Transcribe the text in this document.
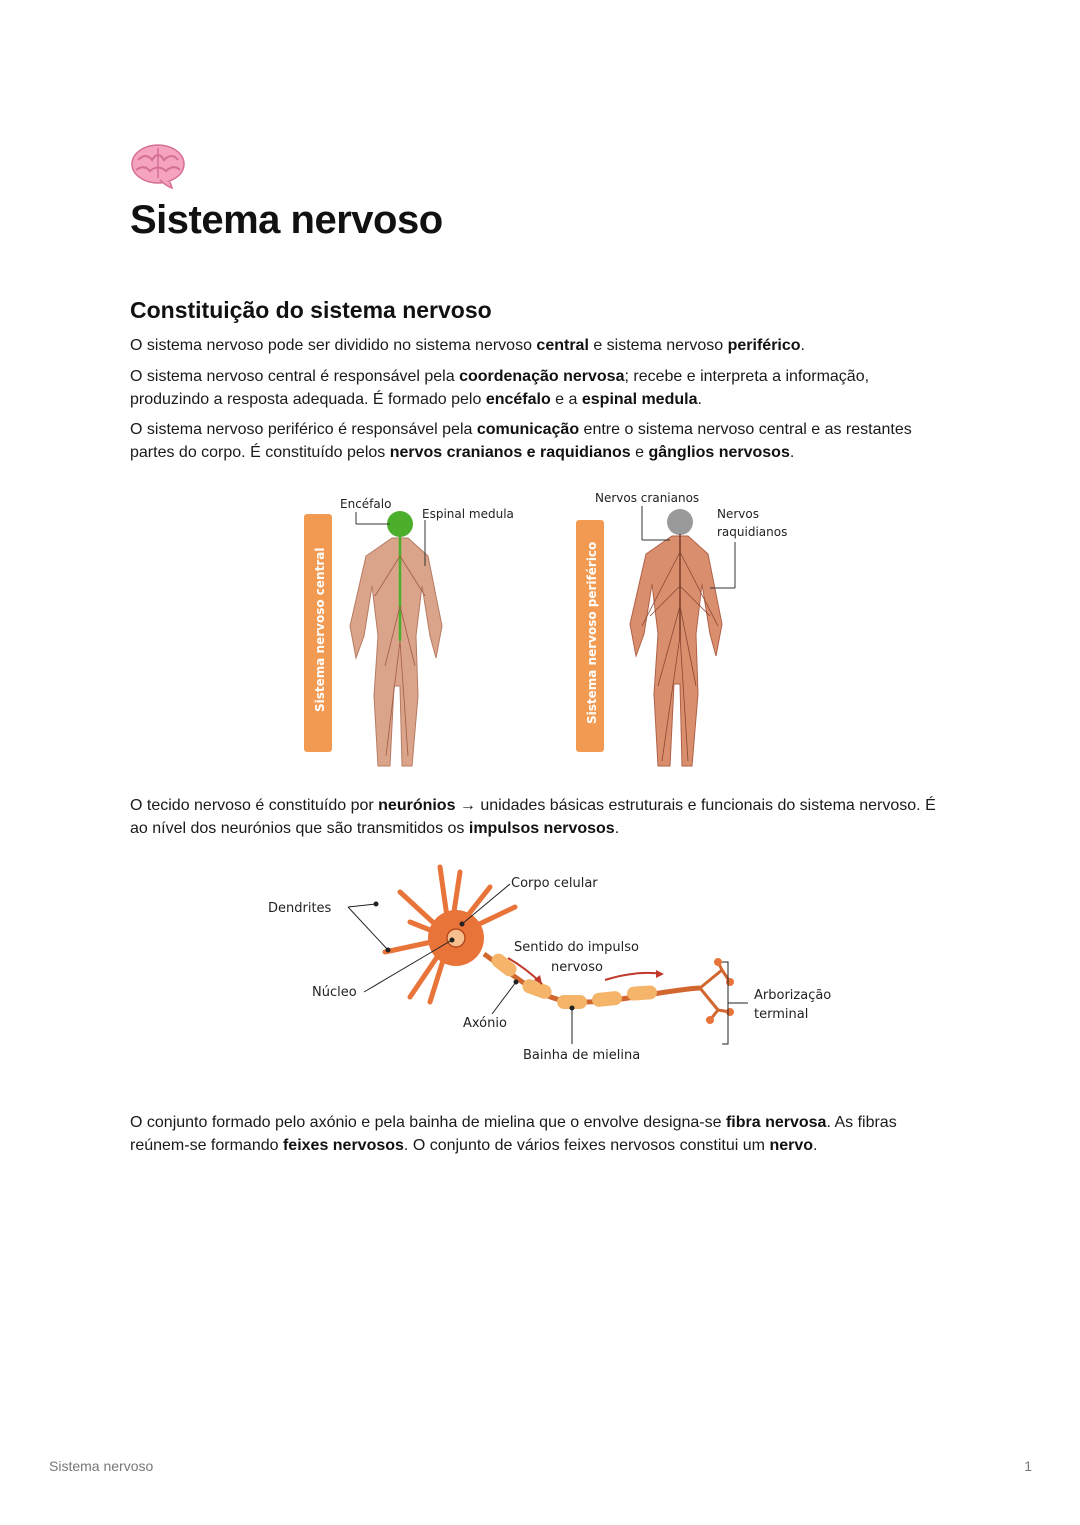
Sistema nervoso
Constituição do sistema nervoso

O sistema nervoso pode ser dividido no sistema nervoso central e sistema nervoso periférico.

O sistema nervoso central é responsável pela coordenação nervosa; recebe e interpreta a informação, produzindo a resposta adequada. É formado pelo encéfalo e a espinal medula.

O sistema nervoso periférico é responsável pela comunicação entre o sistema nervoso central e as restantes partes do corpo. É constituído pelos nervos cranianos e raquidianos e gânglios nervosos.

Sistema nervoso central
Encéfalo
Espinal medula
Sistema nervoso periférico
Nervos cranianos
Nervos
raquidianos

O tecido nervoso é constituído por neurónios → unidades básicas estruturais e funcionais do sistema nervoso. É ao nível dos neurónios que são transmitidos os impulsos nervosos.

Dendrites
Corpo celular
Sentido do impulso
nervoso
Núcleo
Axónio
Bainha de mielina
Arborização
terminal

O conjunto formado pelo axónio e pela bainha de mielina que o envolve designa-se fibra nervosa. As fibras reúnem-se formando feixes nervosos. O conjunto de vários feixes nervosos constitui um nervo.

Sistema nervoso	1
